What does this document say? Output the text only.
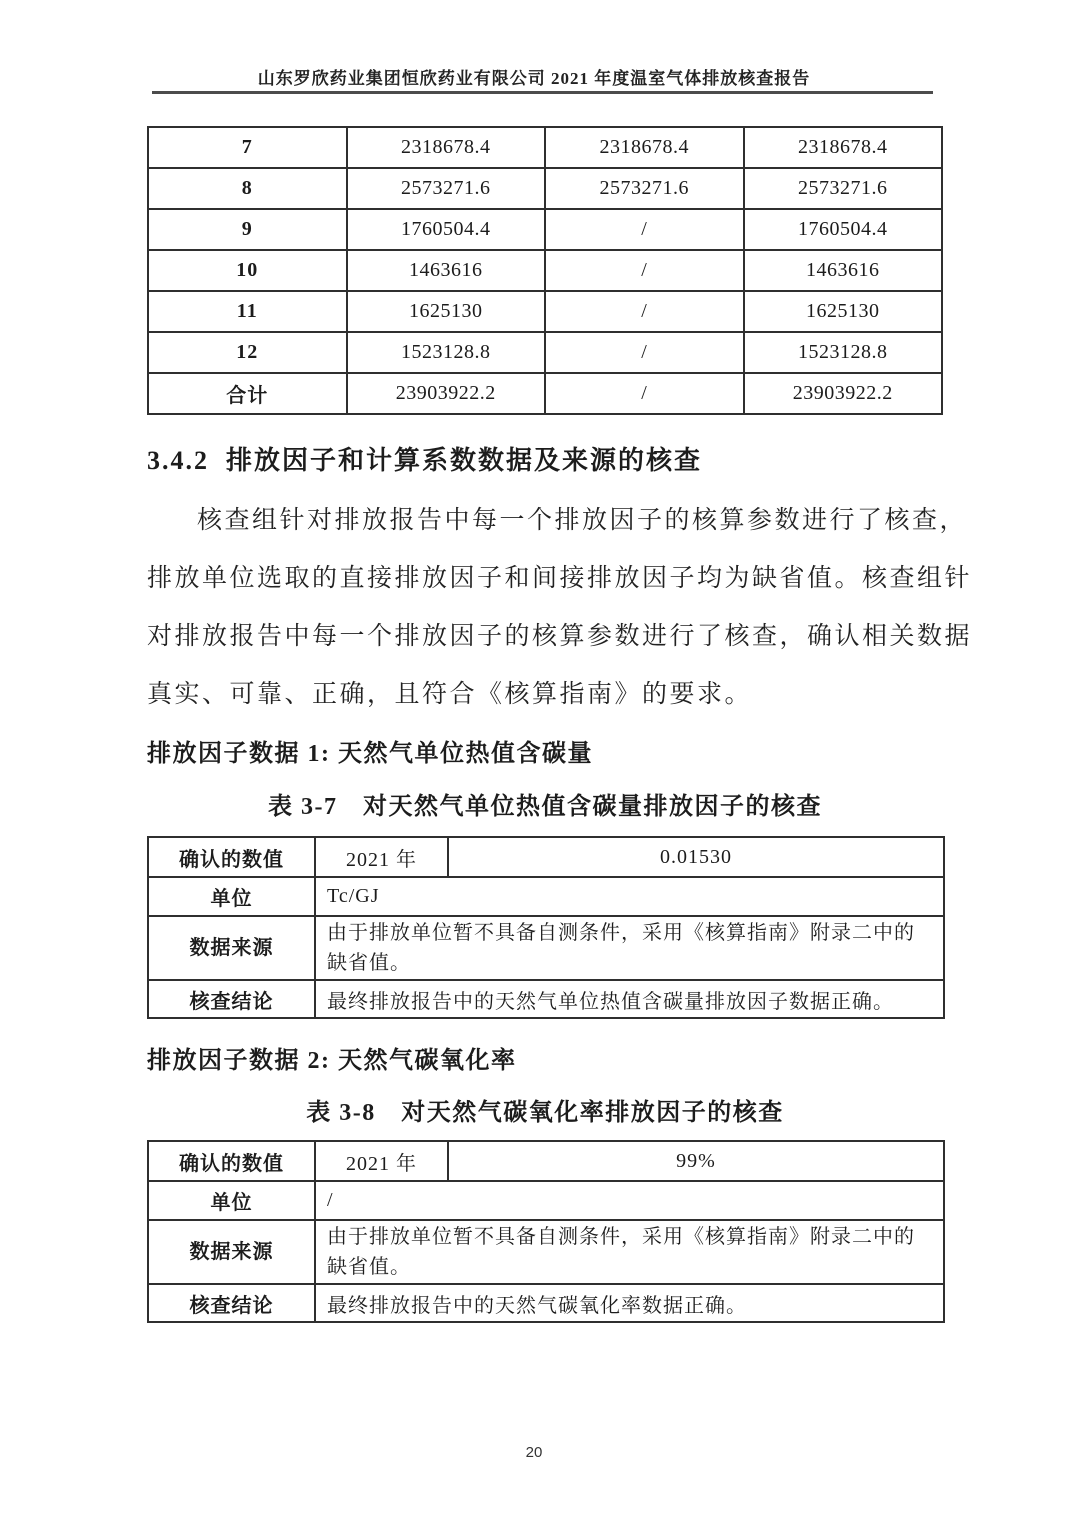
山东罗欣药业集团恒欣药业有限公司 2021 年度温室气体排放核查报告
7	2318678.4	2318678.4	2318678.4
8	2573271.6	2573271.6	2573271.6
9	1760504.4	/	1760504.4
10	1463616	/	1463616
11	1625130	/	1625130
12	1523128.8	/	1523128.8
合计	23903922.2	/	23903922.2
3.4.2  排放因子和计算系数数据及来源的核查
核查组针对排放报告中每一个排放因子的核算参数进行了核查，
排放单位选取的直接排放因子和间接排放因子均为缺省值。核查组针
对排放报告中每一个排放因子的核算参数进行了核查，确认相关数据
真实、可靠、正确，且符合《核算指南》的要求。
排放因子数据 1: 天然气单位热值含碳量
表 3-7　对天然气单位热值含碳量排放因子的核查
确认的数值	2021 年	0.01530
单位	Tc/GJ	
数据来源	由于排放单位暂不具备自测条件，采用《核算指南》附录二中的缺省值。	
核查结论	最终排放报告中的天然气单位热值含碳量排放因子数据正确。	
排放因子数据 2: 天然气碳氧化率
表 3-8　对天然气碳氧化率排放因子的核查
确认的数值	2021 年	99%
单位	/	
数据来源	由于排放单位暂不具备自测条件，采用《核算指南》附录二中的缺省值。	
核查结论	最终排放报告中的天然气碳氧化率数据正确。	
20
